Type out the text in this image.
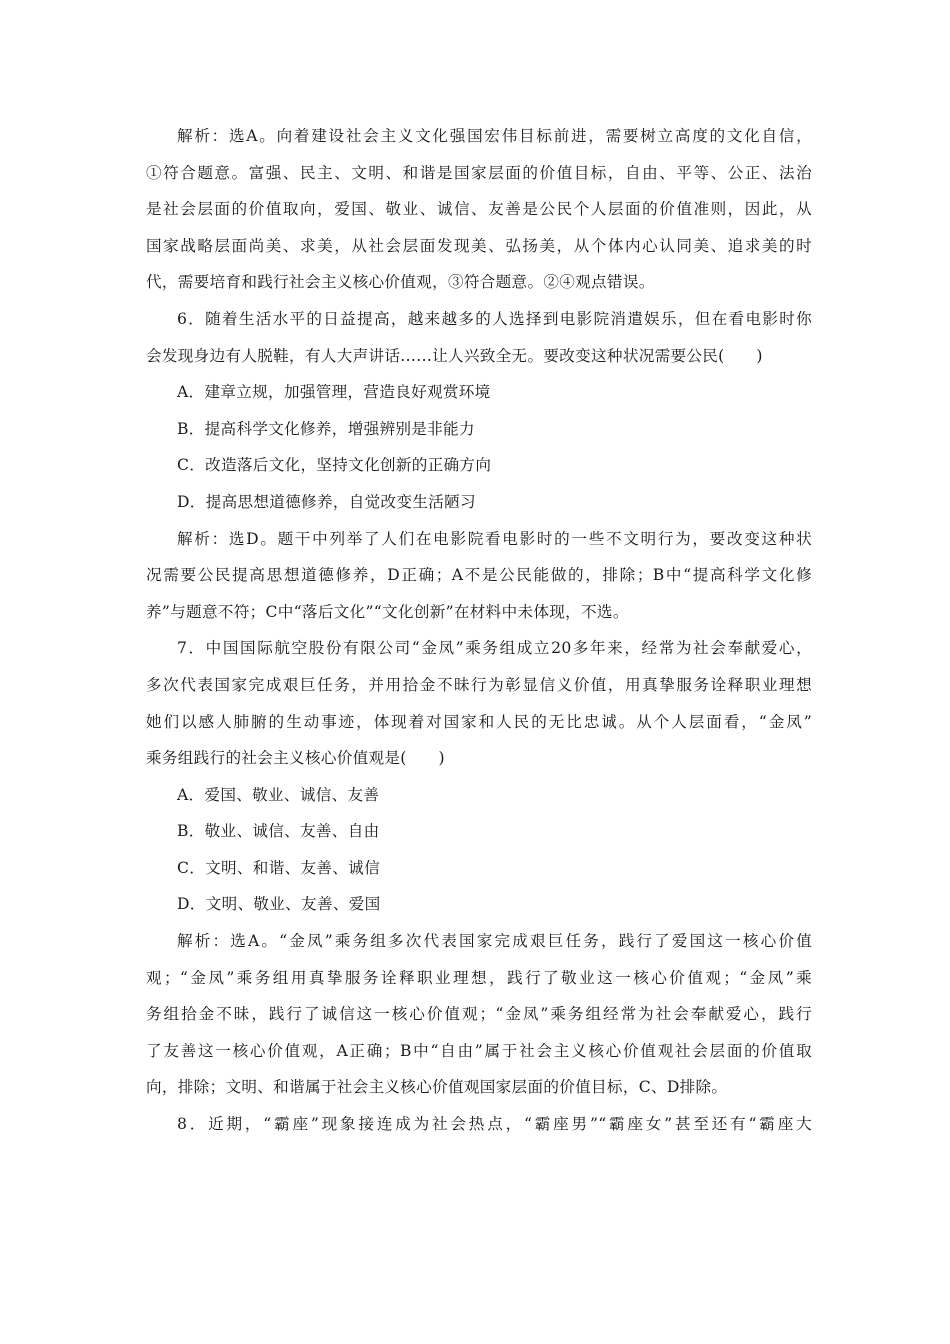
解析：选A。向着建设社会主义文化强国宏伟目标前进，需要树立高度的文化自信，
①符合题意。富强、民主、文明、和谐是国家层面的价值目标，自由、平等、公正、法治
是社会层面的价值取向，爱国、敬业、诚信、友善是公民个人层面的价值准则，因此，从
国家战略层面尚美、求美，从社会层面发现美、弘扬美，从个体内心认同美、追求美的时
代，需要培育和践行社会主义核心价值观，③符合题意。②④观点错误。
6．随着生活水平的日益提高，越来越多的人选择到电影院消遣娱乐，但在看电影时你
会发现身边有人脱鞋，有人大声讲话……让人兴致全无。要改变这种状况需要公民(　　)
A．建章立规，加强管理，营造良好观赏环境
B．提高科学文化修养，增强辨别是非能力
C．改造落后文化，坚持文化创新的正确方向
D．提高思想道德修养，自觉改变生活陋习
解析：选D。题干中列举了人们在电影院看电影时的一些不文明行为，要改变这种状
况需要公民提高思想道德修养，D正确；A不是公民能做的，排除；B中“提高科学文化修
养”与题意不符；C中“落后文化”“文化创新”在材料中未体现，不选。
7．中国国际航空股份有限公司“金凤”乘务组成立20多年来，经常为社会奉献爱心，
多次代表国家完成艰巨任务，并用拾金不昧行为彰显信义价值，用真挚服务诠释职业理想
她们以感人肺腑的生动事迹，体现着对国家和人民的无比忠诚。从个人层面看，“金凤”
乘务组践行的社会主义核心价值观是(　　)
A．爱国、敬业、诚信、友善
B．敬业、诚信、友善、自由
C．文明、和谐、友善、诚信
D．文明、敬业、友善、爱国
解析：选A。“金凤”乘务组多次代表国家完成艰巨任务，践行了爱国这一核心价值
观；“金凤”乘务组用真挚服务诠释职业理想，践行了敬业这一核心价值观；“金凤”乘
务组拾金不昧，践行了诚信这一核心价值观；“金凤”乘务组经常为社会奉献爱心，践行
了友善这一核心价值观，A正确；B中“自由”属于社会主义核心价值观社会层面的价值取
向，排除；文明、和谐属于社会主义核心价值观国家层面的价值目标，C、D排除。
8．近期，“霸座”现象接连成为社会热点，“霸座男”“霸座女”甚至还有“霸座大
